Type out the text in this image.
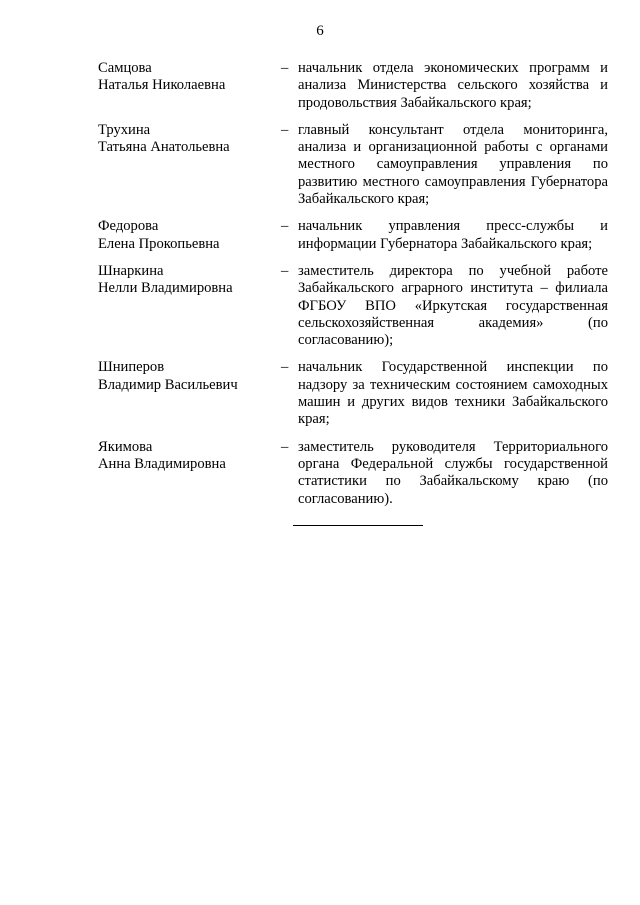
6
Самцова
Наталья Николаевна
– начальник отдела экономических программ и анализа Министерства сельского хозяйства и продовольствия Забайкальского края;
Трухина
Татьяна Анатольевна
– главный консультант отдела мониторинга, анализа и организационной работы с органами местного самоуправления управления по развитию местного самоуправления Губернатора Забайкальского края;
Федорова
Елена Прокопьевна
– начальник управления пресс-службы и информации Губернатора Забайкальского края;
Шнаркина
Нелли Владимировна
– заместитель директора по учебной работе Забайкальского аграрного института – филиала ФГБОУ ВПО «Иркутская государственная сельскохозяйственная академия» (по согласованию);
Шниперов
Владимир Васильевич
– начальник Государственной инспекции по надзору за техническим состоянием самоходных машин и других видов техники Забайкальского края;
Якимова
Анна Владимировна
– заместитель руководителя Территориального органа Федеральной службы государственной статистики по Забайкальскому краю (по согласованию).
